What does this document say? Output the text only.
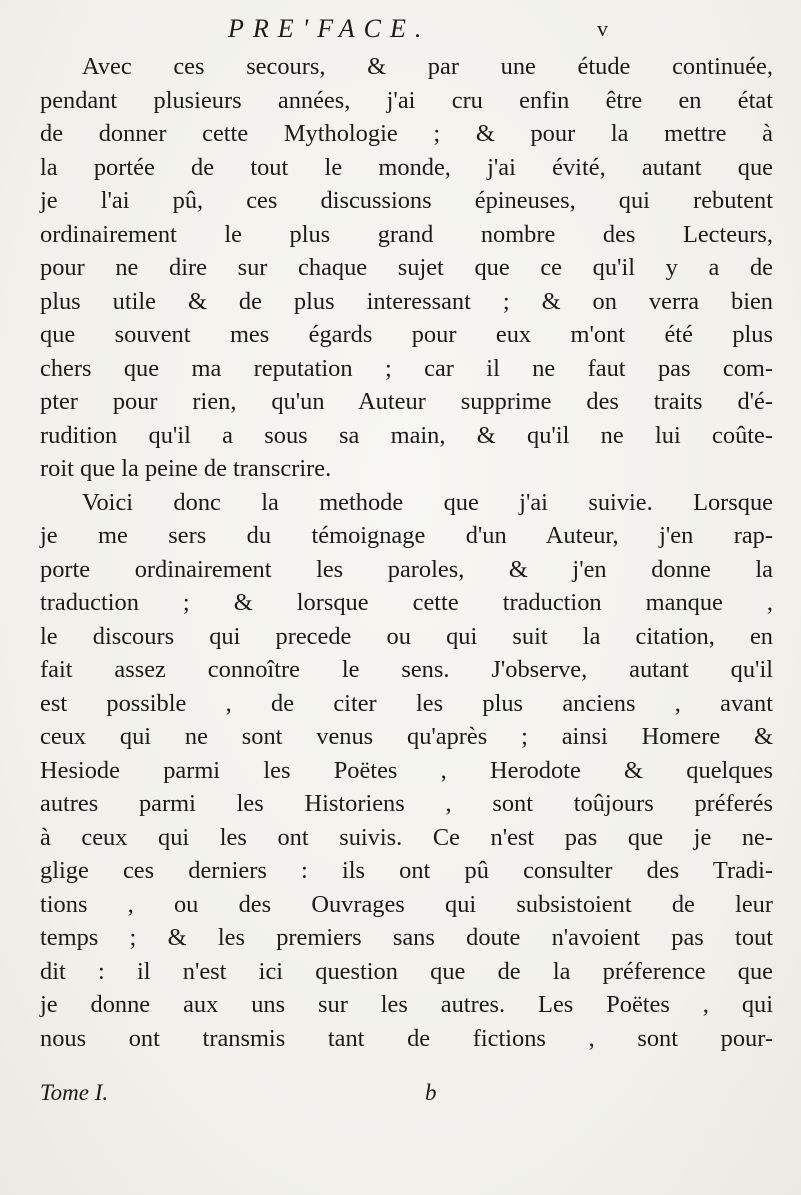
PRE'FACE.	v
Avec ces secours, & par une étude continuée,
pendant plusieurs années, j'ai cru enfin être en état
de donner cette Mythologie ; & pour la mettre à
la portée de tout le monde, j'ai évité, autant que
je l'ai pû, ces discussions épineuses, qui rebutent
ordinairement le plus grand nombre des Lecteurs,
pour ne dire sur chaque sujet que ce qu'il y a de
plus utile & de plus interessant ; & on verra bien
que souvent mes égards pour eux m'ont été plus
chers que ma reputation ; car il ne faut pas com-
pter pour rien, qu'un Auteur supprime des traits d'é-
rudition qu'il a sous sa main, & qu'il ne lui coûte-
roit que la peine de transcrire.
Voici donc la methode que j'ai suivie. Lorsque
je me sers du témoignage d'un Auteur, j'en rap-
porte ordinairement les paroles, & j'en donne la
traduction ; & lorsque cette traduction manque ,
le discours qui precede ou qui suit la citation, en
fait assez connoître le sens. J'observe, autant qu'il
est possible , de citer les plus anciens , avant
ceux qui ne sont venus qu'après ; ainsi Homere &
Hesiode parmi les Poëtes , Herodote & quelques
autres parmi les Historiens , sont toûjours préferés
à ceux qui les ont suivis. Ce n'est pas que je ne-
glige ces derniers : ils ont pû consulter des Tradi-
tions , ou des Ouvrages qui subsistoient de leur
temps ; & les premiers sans doute n'avoient pas tout
dit : il n'est ici question que de la préference que
je donne aux uns sur les autres. Les Poëtes , qui
nous ont transmis tant de fictions , sont pour-
Tome I.	b
